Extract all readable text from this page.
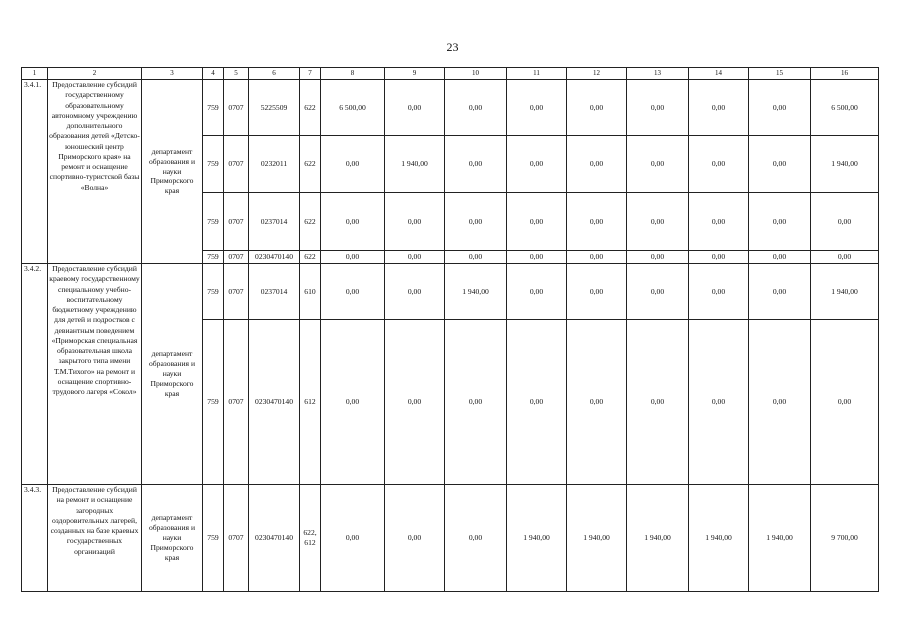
23
1	2	3	4	5	6	7	8	9	10	11	12	13	14	15	16
3.4.1.	Предоставление субсидий государственному образовательному автономному учреждению дополнительного образования детей «Детско-юношеский центр Приморского края» на ремонт и оснащение спортивно-туристской базы «Волна»	департамент образования и науки Приморского края	759	0707	5225509	622	6 500,00	0,00	0,00	0,00	0,00	0,00	0,00	0,00	6 500,00
			759	0707	0232011	622	0,00	1 940,00	0,00	0,00	0,00	0,00	0,00	0,00	1 940,00
			759	0707	0237014	622	0,00	0,00	0,00	0,00	0,00	0,00	0,00	0,00	0,00
			759	0707	0230470140	622	0,00	0,00	0,00	0,00	0,00	0,00	0,00	0,00	0,00
3.4.2.	Предоставление субсидий краевому государственному специальному учебно-воспитательному бюджетному учреждению для детей и подростков с девиантным поведением «Приморская специальная образовательная школа закрытого типа имени Т.М.Тихого» на ремонт и оснащение спортивно-трудового лагеря «Сокол»	департамент образования и науки Приморского края	759	0707	0237014	610	0,00	0,00	1 940,00	0,00	0,00	0,00	0,00	0,00	1 940,00
			759	0707	0230470140	612	0,00	0,00	0,00	0,00	0,00	0,00	0,00	0,00	0,00
3.4.3.	Предоставление субсидий на ремонт и оснащение загородных оздоровительных лагерей, созданных на базе краевых государственных организаций	департамент образования и науки Приморского края	759	0707	0230470140	622, 612	0,00	0,00	0,00	1 940,00	1 940,00	1 940,00	1 940,00	1 940,00	9 700,00
